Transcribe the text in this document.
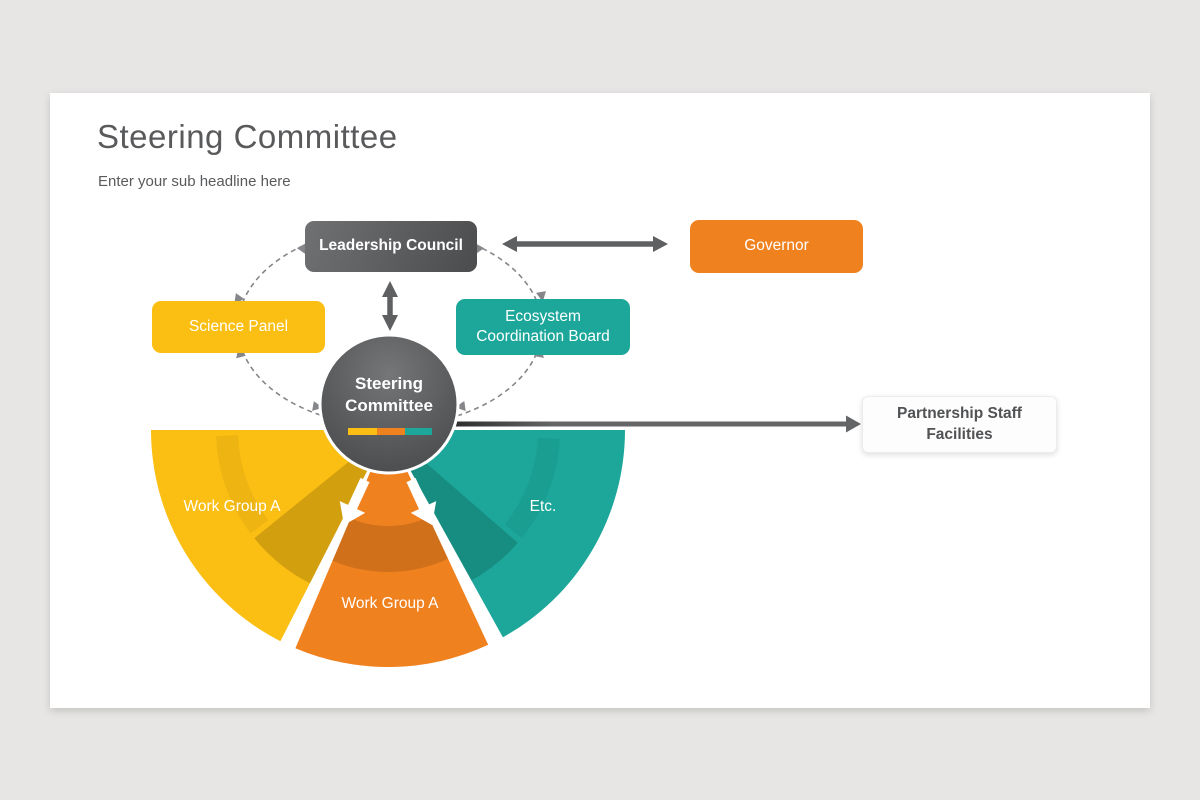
Steering Committee
Enter your sub headline here
Leadership Council	Governor
Science Panel
Ecosystem Coordination Board
Partnership Staff Facilities
Steering Committee
Work Group A
Work Group A
Etc.
